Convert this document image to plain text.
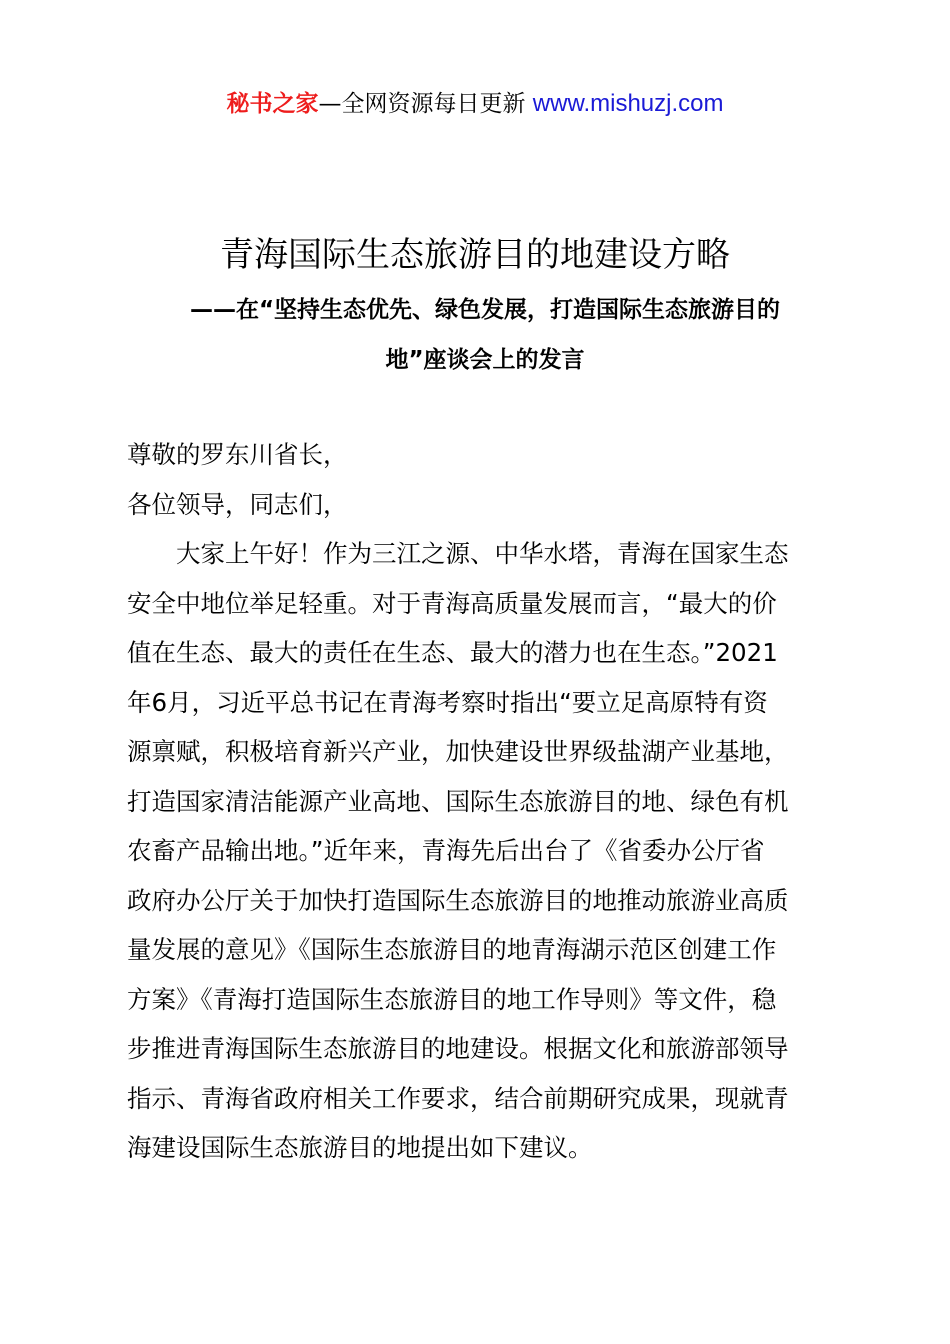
秘书之家—全网资源每日更新 www.mishuzj.com
青海国际生态旅游目的地建设方略
——在“坚持生态优先、绿色发展，打造国际生态旅游目的
地”座谈会上的发言
尊敬的罗东川省长，
各位领导，同志们，
　　大家上午好！作为三江之源、中华水塔，青海在国家生态
安全中地位举足轻重。对于青海高质量发展而言，“最大的价
值在生态、最大的责任在生态、最大的潜力也在生态。”2021
年6月，习近平总书记在青海考察时指出“要立足高原特有资
源禀赋，积极培育新兴产业，加快建设世界级盐湖产业基地，
打造国家清洁能源产业高地、国际生态旅游目的地、绿色有机
农畜产品输出地。”近年来，青海先后出台了《省委办公厅省
政府办公厅关于加快打造国际生态旅游目的地推动旅游业高质
量发展的意见》《国际生态旅游目的地青海湖示范区创建工作
方案》《青海打造国际生态旅游目的地工作导则》等文件，稳
步推进青海国际生态旅游目的地建设。根据文化和旅游部领导
指示、青海省政府相关工作要求，结合前期研究成果，现就青
海建设国际生态旅游目的地提出如下建议。
